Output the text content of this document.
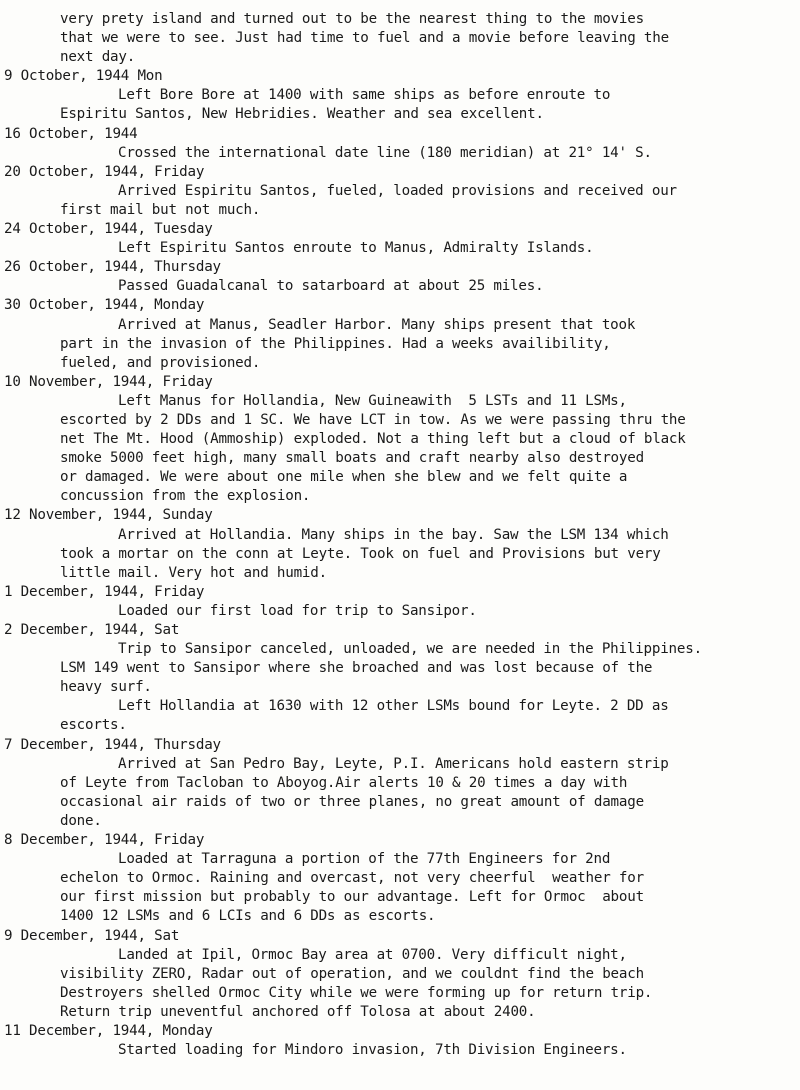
very prety island and turned out to be the nearest thing to the movies
that we were to see. Just had time to fuel and a movie before leaving the
next day.
9 October, 1944 Mon
Left Bore Bore at 1400 with same ships as before enroute to
Espiritu Santos, New Hebridies. Weather and sea excellent.
16 October, 1944
Crossed the international date line (180 meridian) at 21° 14' S.
20 October, 1944, Friday
Arrived Espiritu Santos, fueled, loaded provisions and received our
first mail but not much.
24 October, 1944, Tuesday
Left Espiritu Santos enroute to Manus, Admiralty Islands.
26 October, 1944, Thursday
Passed Guadalcanal to satarboard at about 25 miles.
30 October, 1944, Monday
Arrived at Manus, Seadler Harbor. Many ships present that took
part in the invasion of the Philippines. Had a weeks availibility,
fueled, and provisioned.
10 November, 1944, Friday
Left Manus for Hollandia, New Guineawith  5 LSTs and 11 LSMs,
escorted by 2 DDs and 1 SC. We have LCT in tow. As we were passing thru the
net The Mt. Hood (Ammoship) exploded. Not a thing left but a cloud of black
smoke 5000 feet high, many small boats and craft nearby also destroyed
or damaged. We were about one mile when she blew and we felt quite a
concussion from the explosion.
12 November, 1944, Sunday
Arrived at Hollandia. Many ships in the bay. Saw the LSM 134 which
took a mortar on the conn at Leyte. Took on fuel and Provisions but very
little mail. Very hot and humid.
1 December, 1944, Friday
Loaded our first load for trip to Sansipor.
2 December, 1944, Sat
Trip to Sansipor canceled, unloaded, we are needed in the Philippines.
LSM 149 went to Sansipor where she broached and was lost because of the
heavy surf.
Left Hollandia at 1630 with 12 other LSMs bound for Leyte. 2 DD as
escorts.
7 December, 1944, Thursday
Arrived at San Pedro Bay, Leyte, P.I. Americans hold eastern strip
of Leyte from Tacloban to Aboyog.Air alerts 10 & 20 times a day with
occasional air raids of two or three planes, no great amount of damage
done.
8 December, 1944, Friday
Loaded at Tarraguna a portion of the 77th Engineers for 2nd
echelon to Ormoc. Raining and overcast, not very cheerful  weather for
our first mission but probably to our advantage. Left for Ormoc  about
1400 12 LSMs and 6 LCIs and 6 DDs as escorts.
9 December, 1944, Sat
Landed at Ipil, Ormoc Bay area at 0700. Very difficult night,
visibility ZERO, Radar out of operation, and we couldnt find the beach
Destroyers shelled Ormoc City while we were forming up for return trip.
Return trip uneventful anchored off Tolosa at about 2400.
11 December, 1944, Monday
Started loading for Mindoro invasion, 7th Division Engineers.
